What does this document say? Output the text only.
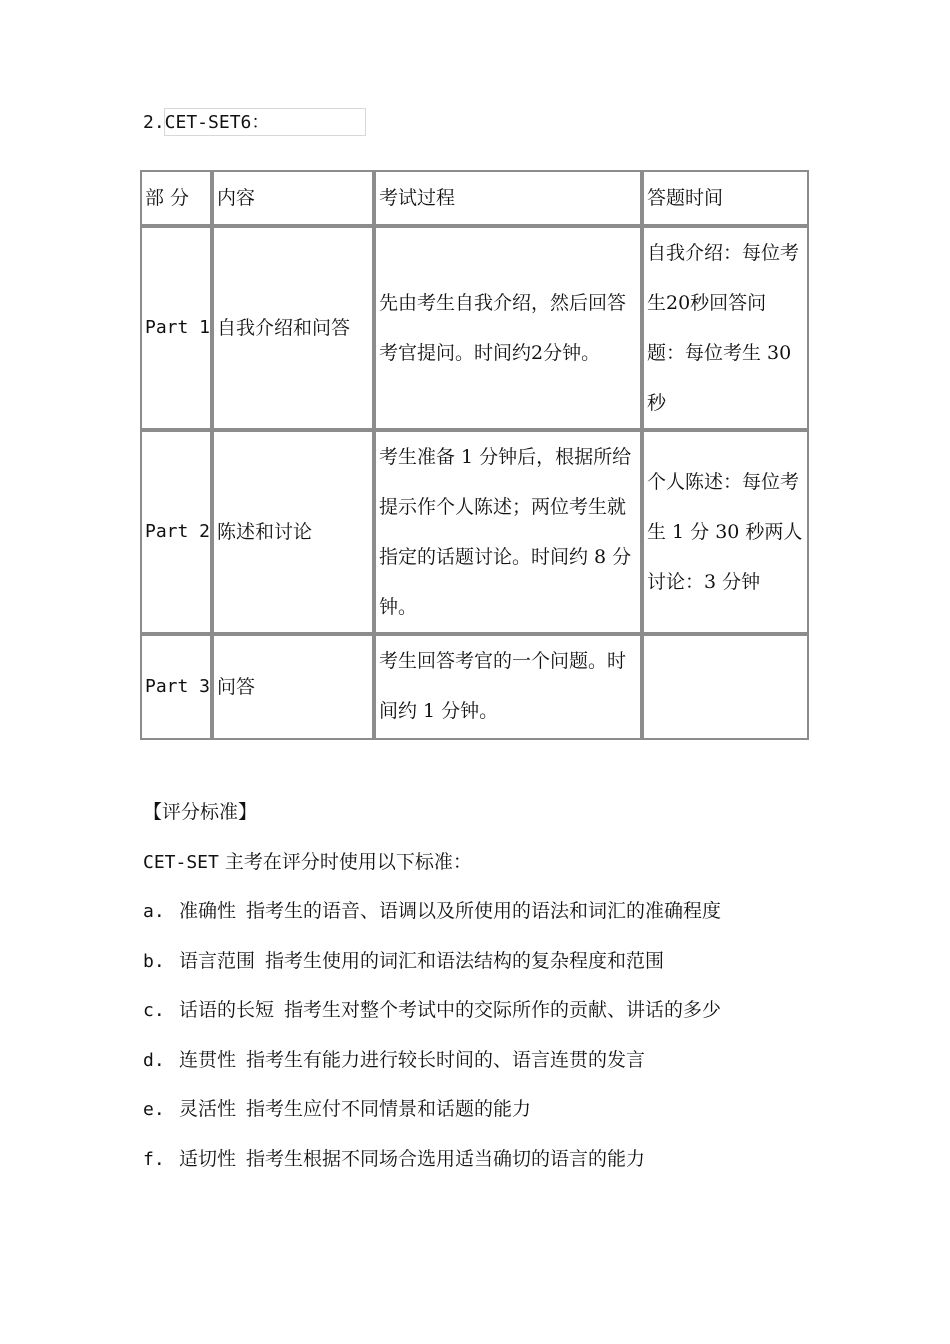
2.CET-SET6：
部 分	内容	考试过程	答题时间
Part 1	自我介绍和问答	先由考生自我介绍，然后回答考官提问。时间约2分钟。	自我介绍：每位考生20秒回答问题：每位考生 30 秒
Part 2	陈述和讨论	考生准备 1 分钟后，根据所给提示作个人陈述；两位考生就指定的话题讨论。时间约 8 分钟。	个人陈述：每位考生 1 分 30 秒两人讨论：3 分钟
Part 3	问答	考生回答考官的一个问题。时间约 1 分钟。	
【评分标准】
CET-SET 主考在评分时使用以下标准：
a. 准确性 指考生的语音、语调以及所使用的语法和词汇的准确程度
b. 语言范围 指考生使用的词汇和语法结构的复杂程度和范围
c. 话语的长短 指考生对整个考试中的交际所作的贡献、讲话的多少
d. 连贯性 指考生有能力进行较长时间的、语言连贯的发言
e. 灵活性 指考生应付不同情景和话题的能力
f. 适切性 指考生根据不同场合选用适当确切的语言的能力
